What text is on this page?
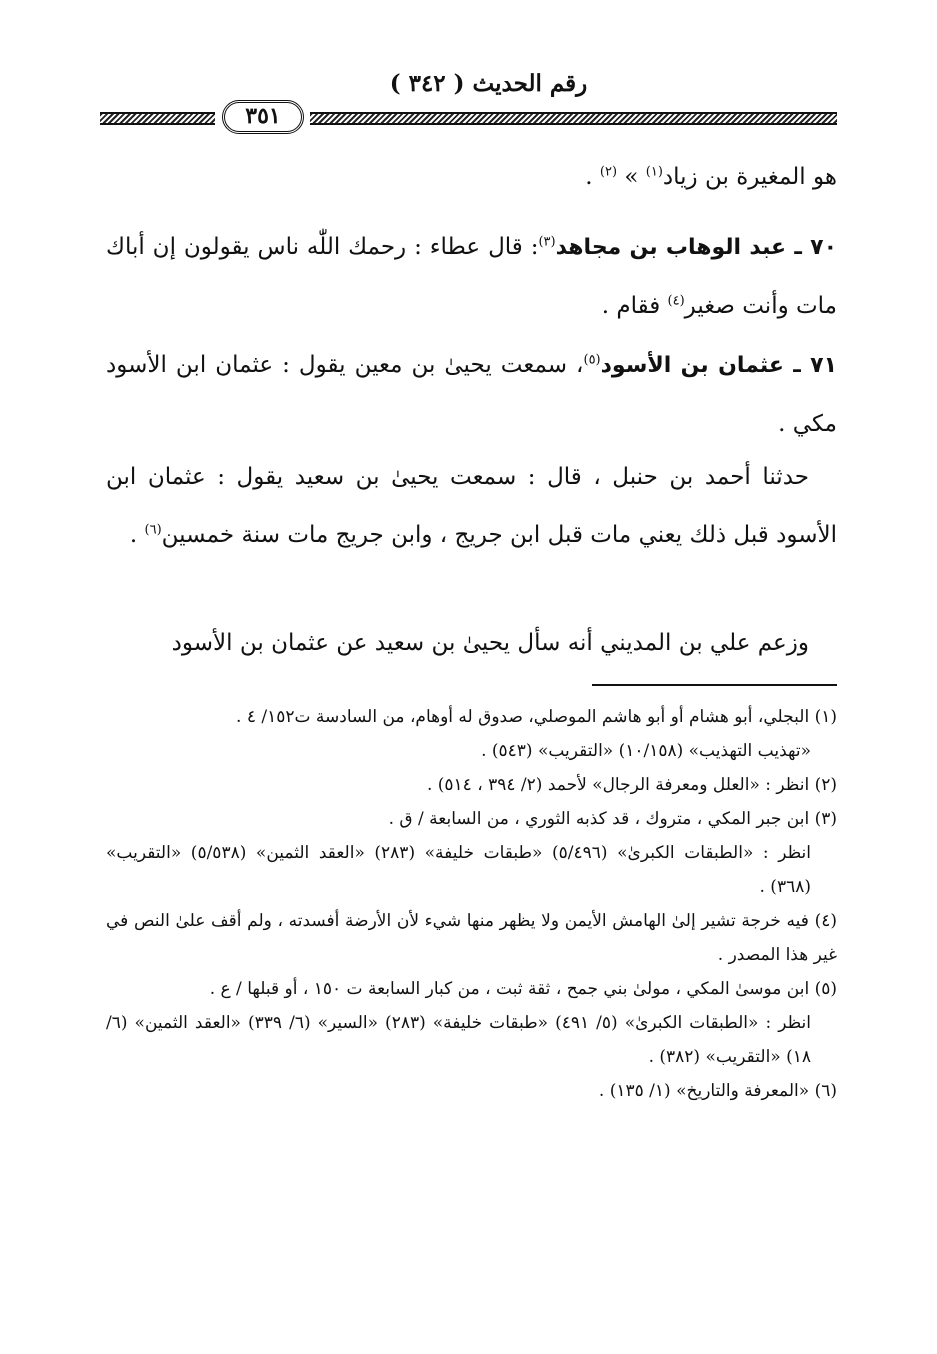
رقم الحديث ( ٣٤٢ )
٣٥١

هو المغيرة بن زياد$^{(١)}$ » $^{(٢)}$ .

٧٠ ـ عبد الوهاب بن مجاهد$^{(٣)}$: قال عطاء : رحمك اللّٰه ناس يقولون إن أباك مات وأنت صغير$^{(٤)}$ فقام .

٧١ ـ عثمان بن الأسود$^{(٥)}$، سمعت يحيىٰ بن معين يقول : عثمان ابن الأسود مكي .

حدثنا أحمد بن حنبل ، قال : سمعت يحيىٰ بن سعيد يقول : عثمان ابن الأسود قبل ذلك يعني مات قبل ابن جريج ، وابن جريج مات سنة خمسين$^{(٦)}$ .

وزعم علي بن المديني أنه سأل يحيىٰ بن سعيد عن عثمان بن الأسود

(١) البجلي، أبو هشام أو أبو هاشم الموصلي، صدوق له أوهام، من السادسة ت١٥٢/ ٤ .

«تهذيب التهذيب» (١٠/١٥٨) «التقريب» (٥٤٣) .

(٢) انظر : «العلل ومعرفة الرجال» لأحمد (٢/ ٣٩٤ ، ٥١٤) .

(٣) ابن جبر المكي ، متروك ، قد كذبه الثوري ، من السابعة / ق .

انظر : «الطبقات الكبرىٰ» (٥/٤٩٦) «طبقات خليفة» (٢٨٣) «العقد الثمين» (٥/٥٣٨) «التقريب» (٣٦٨) .

(٤) فيه خرجة تشير إلىٰ الهامش الأيمن ولا يظهر منها شيء لأن الأرضة أفسدته ، ولم أقف علىٰ النص في غير هذا المصدر .

(٥) ابن موسىٰ المكي ، مولىٰ بني جمح ، ثقة ثبت ، من كبار السابعة ت ١٥٠ ، أو قبلها / ع .

انظر : «الطبقات الكبرىٰ» (٥/ ٤٩١) «طبقات خليفة» (٢٨٣) «السير» (٦/ ٣٣٩) «العقد الثمين» (٦/ ١٨) «التقريب» (٣٨٢) .

(٦) «المعرفة والتاريخ» (١/ ١٣٥) .
